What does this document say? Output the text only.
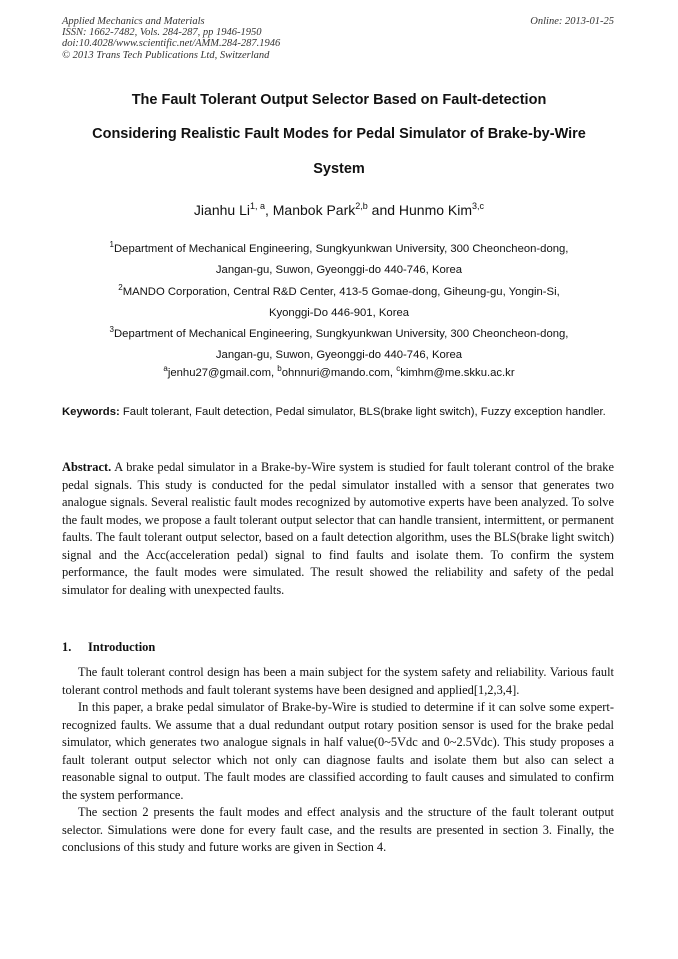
Applied Mechanics and Materials
ISSN: 1662-7482, Vols. 284-287, pp 1946-1950
doi:10.4028/www.scientific.net/AMM.284-287.1946
© 2013 Trans Tech Publications Ltd, Switzerland
Online: 2013-01-25
The Fault Tolerant Output Selector Based on Fault-detection
Considering Realistic Fault Modes for Pedal Simulator of Brake-by-Wire
System
Jianhu Li$^{1, a}$, Manbok Park$^{2,b}$ and Hunmo Kim$^{3,c}$
$^1$Department of Mechanical Engineering, Sungkyunkwan University, 300 Cheoncheon-dong,
Jangan-gu, Suwon, Gyeonggi-do 440-746, Korea
$^2$MANDO Corporation, Central R&D Center, 413-5 Gomae-dong, Giheung-gu, Yongin-Si,
Kyonggi-Do 446-901, Korea
$^3$Department of Mechanical Engineering, Sungkyunkwan University, 300 Cheoncheon-dong,
Jangan-gu, Suwon, Gyeonggi-do 440-746, Korea
$^a$jenhu27@gmail.com, $^b$ohnnuri@mando.com, $^c$kimhm@me.skku.ac.kr
Keywords: Fault tolerant, Fault detection, Pedal simulator, BLS(brake light switch), Fuzzy exception handler.
Abstract. A brake pedal simulator in a Brake-by-Wire system is studied for fault tolerant control of the brake pedal signals. This study is conducted for the pedal simulator installed with a sensor that generates two analogue signals. Several realistic fault modes recognized by automotive experts have been analyzed. To solve the fault modes, we propose a fault tolerant output selector that can handle transient, intermittent, or permanent faults. The fault tolerant output selector, based on a fault detection algorithm, uses the BLS(brake light switch) signal and the Acc(acceleration pedal) signal to find faults and isolate them. To confirm the system performance, the fault modes were simulated. The result showed the reliability and safety of the pedal simulator for dealing with unexpected faults.
1. Introduction

The fault tolerant control design has been a main subject for the system safety and reliability. Various fault tolerant control methods and fault tolerant systems have been designed and applied[1,2,3,4].

In this paper, a brake pedal simulator of Brake-by-Wire is studied to determine if it can solve some expert-recognized faults. We assume that a dual redundant output rotary position sensor is used for the brake pedal simulator, which generates two analogue signals in half value(0~5Vdc and 0~2.5Vdc). This study proposes a fault tolerant output selector which not only can diagnose faults and isolate them but also can select a reasonable signal to output. The fault modes are classified according to fault causes and simulated to confirm the system performance.

The section 2 presents the fault modes and effect analysis and the structure of the fault tolerant output selector. Simulations were done for every fault case, and the results are presented in section 3. Finally, the conclusions of this study and future works are given in Section 4.
